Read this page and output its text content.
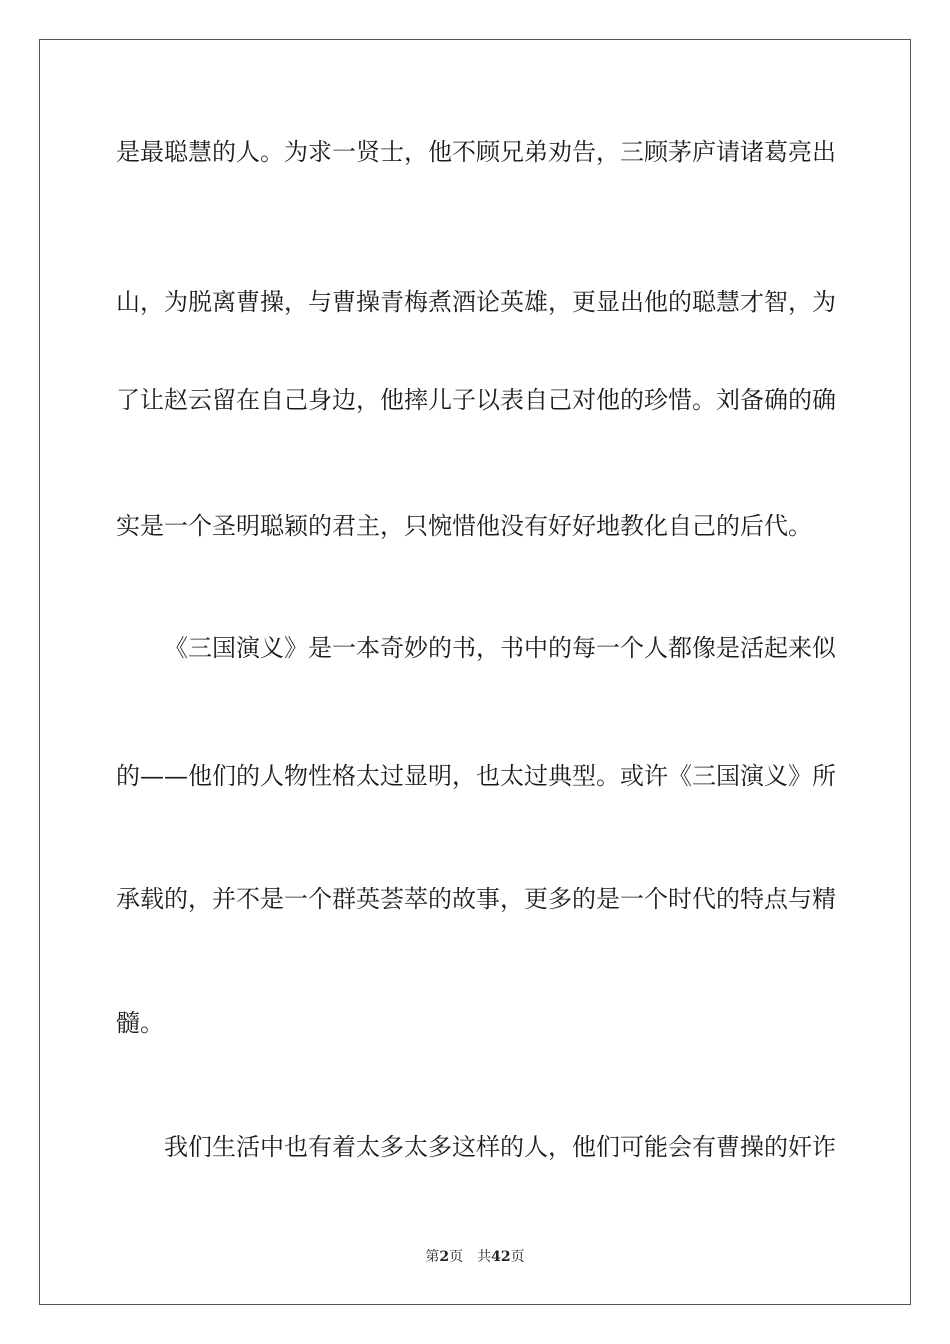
是最聪慧的人。为求一贤士，他不顾兄弟劝告，三顾茅庐请诸葛亮出
山，为脱离曹操，与曹操青梅煮酒论英雄，更显出他的聪慧才智，为
了让赵云留在自己身边，他摔儿子以表自己对他的珍惜。刘备确的确
实是一个圣明聪颖的君主，只惋惜他没有好好地教化自己的后代。
《三国演义》是一本奇妙的书，书中的每一个人都像是活起来似
的——他们的人物性格太过显明，也太过典型。或许《三国演义》所
承载的，并不是一个群英荟萃的故事，更多的是一个时代的特点与精
髓。
我们生活中也有着太多太多这样的人，他们可能会有曹操的奸诈
第2页 共42页
